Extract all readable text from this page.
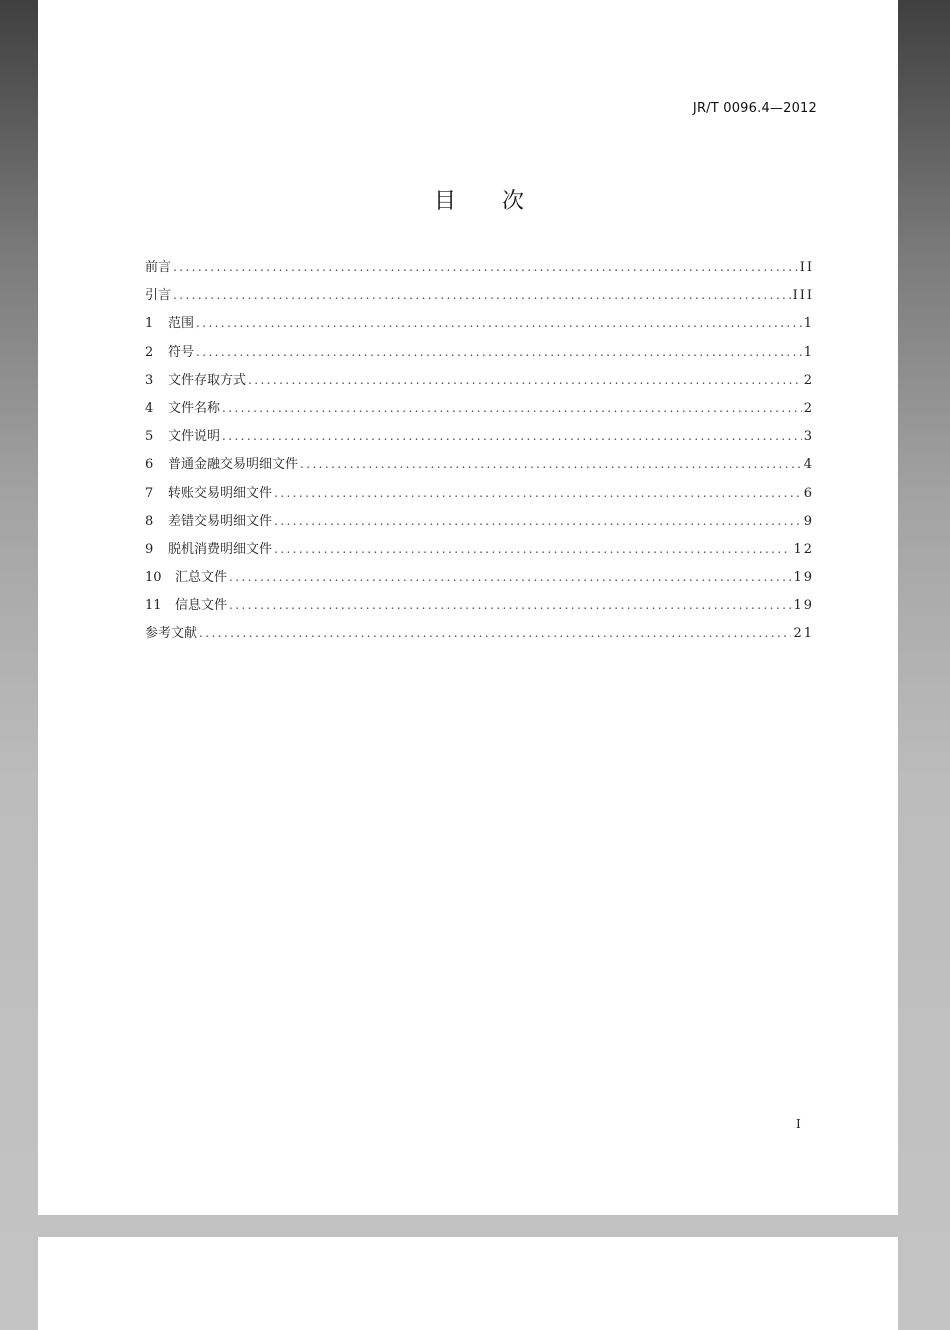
JR/T 0096.4—2012
目次
前言 .....	II
引言 .....	III
1	范围 .....	1
2	符号 .....	1
3	文件存取方式 .....	2
4	文件名称 .....	2
5	文件说明 .....	3
6	普通金融交易明细文件 .....	4
7	转账交易明细文件 .....	6
8	差错交易明细文件 .....	9
9	脱机消费明细文件 .....	12
10	汇总文件 .....	19
11	信息文件 .....	19
参考文献 .....	21
I
